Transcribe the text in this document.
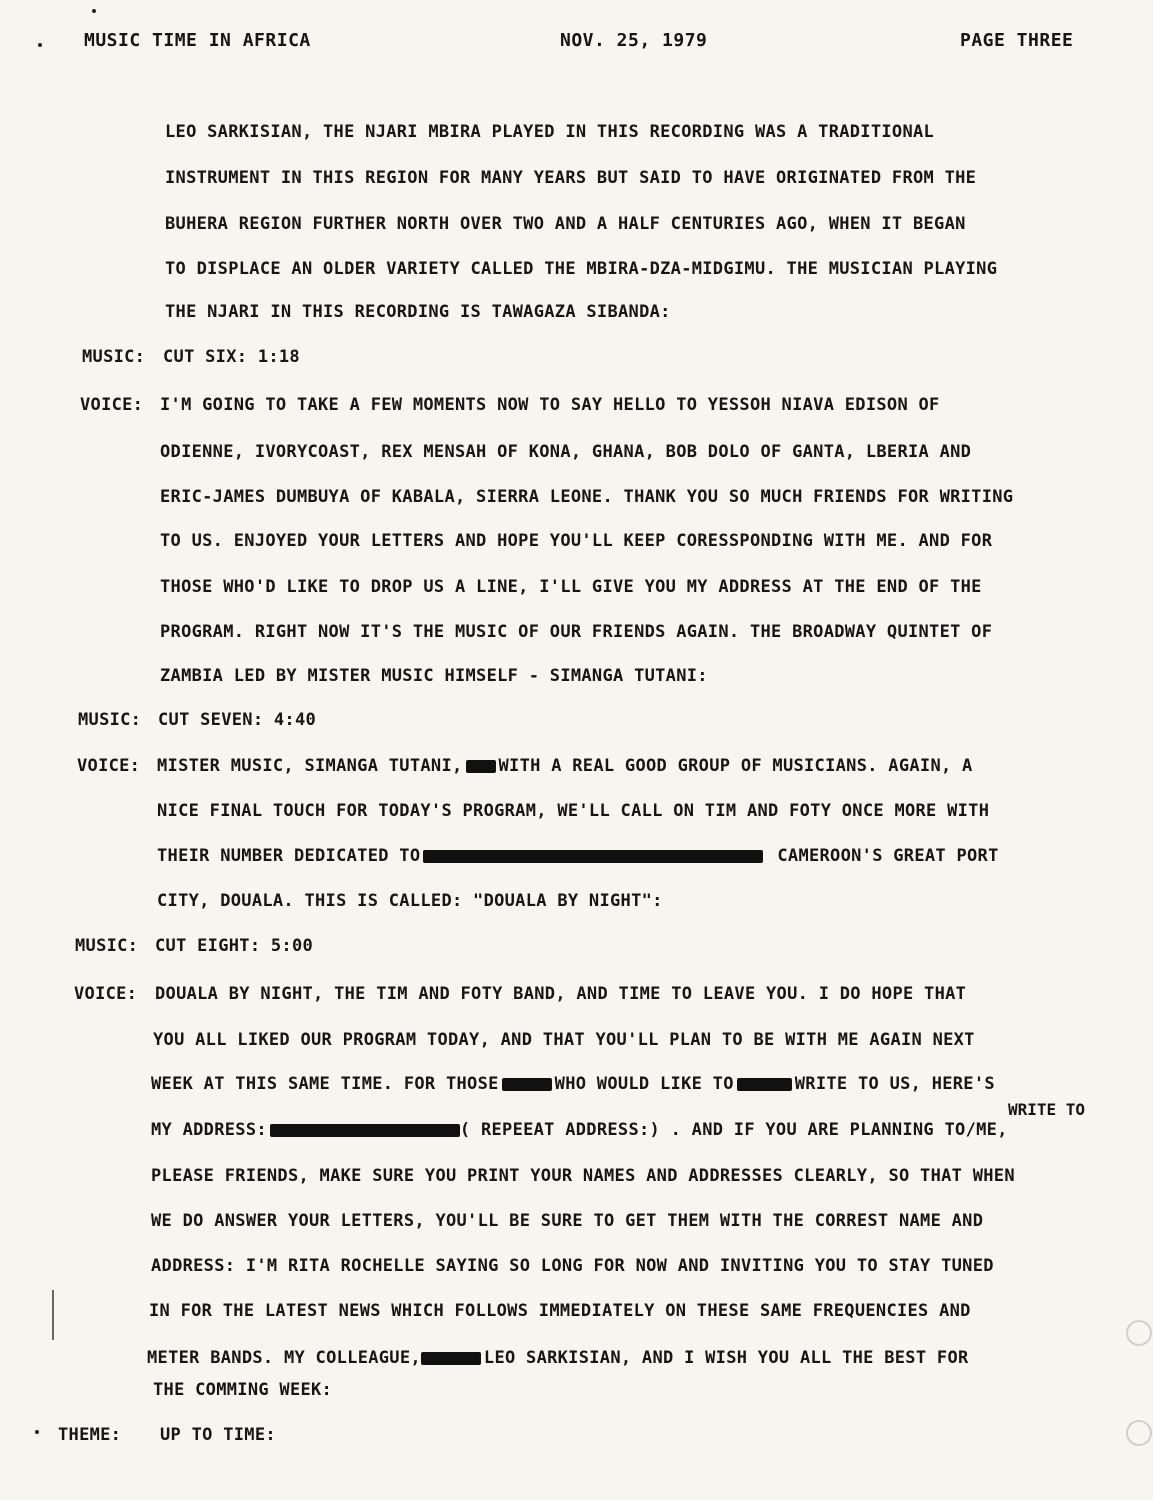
MUSIC TIME IN AFRICA	NOV. 25, 1979	PAGE THREE
LEO SARKISIAN, THE NJARI MBIRA PLAYED IN THIS RECORDING WAS A TRADITIONAL
INSTRUMENT IN THIS REGION FOR MANY YEARS BUT SAID TO HAVE ORIGINATED FROM THE
BUHERA REGION FURTHER NORTH OVER TWO AND A HALF CENTURIES AGO, WHEN IT BEGAN
TO DISPLACE AN OLDER VARIETY CALLED THE MBIRA-DZA-MIDGIMU. THE MUSICIAN PLAYING
THE NJARI IN THIS RECORDING IS TAWAGAZA SIBANDA:
MUSIC: CUT SIX: 1:18
VOICE: I'M GOING TO TAKE A FEW MOMENTS NOW TO SAY HELLO TO YESSOH NIAVA EDISON OF
ODIENNE, IVORYCOAST, REX MENSAH OF KONA, GHANA, BOB DOLO OF GANTA, LBERIA AND
ERIC-JAMES DUMBUYA OF KABALA, SIERRA LEONE. THANK YOU SO MUCH FRIENDS FOR WRITING
TO US. ENJOYED YOUR LETTERS AND HOPE YOU'LL KEEP CORESSPONDING WITH ME. AND FOR
THOSE WHO'D LIKE TO DROP US A LINE, I'LL GIVE YOU MY ADDRESS AT THE END OF THE
PROGRAM. RIGHT NOW IT'S THE MUSIC OF OUR FRIENDS AGAIN. THE BROADWAY QUINTET OF
ZAMBIA LED BY MISTER MUSIC HIMSELF - SIMANGA TUTANI:
MUSIC: CUT SEVEN: 4:40
VOICE: MISTER MUSIC, SIMANGA TUTANI, WITH A REAL GOOD GROUP OF MUSICIANS. AGAIN, A
NICE FINAL TOUCH FOR TODAY'S PROGRAM, WE'LL CALL ON TIM AND FOTY ONCE MORE WITH
THEIR NUMBER DEDICATED TO	CAMEROON'S GREAT PORT
CITY, DOUALA. THIS IS CALLED: "DOUALA BY NIGHT":
MUSIC: CUT EIGHT: 5:00
VOICE: DOUALA BY NIGHT, THE TIM AND FOTY BAND, AND TIME TO LEAVE YOU. I DO HOPE THAT
YOU ALL LIKED OUR PROGRAM TODAY, AND THAT YOU'LL PLAN TO BE WITH ME AGAIN NEXT
WEEK AT THIS SAME TIME. FOR THOSE	WHO WOULD LIKE TO	WRITE TO US, HERE'S
WRITE TO
MY ADDRESS:	( REPEEAT ADDRESS:) . AND IF YOU ARE PLANNING TO/ME,
PLEASE FRIENDS, MAKE SURE YOU PRINT YOUR NAMES AND ADDRESSES CLEARLY, SO THAT WHEN
WE DO ANSWER YOUR LETTERS, YOU'LL BE SURE TO GET THEM WITH THE CORREST NAME AND
ADDRESS: I'M RITA ROCHELLE SAYING SO LONG FOR NOW AND INVITING YOU TO STAY TUNED
IN FOR THE LATEST NEWS WHICH FOLLOWS IMMEDIATELY ON THESE SAME FREQUENCIES AND
METER BANDS. MY COLLEAGUE,	LEO SARKISIAN, AND I WISH YOU ALL THE BEST FOR
THE COMMING WEEK:
THEME: UP TO TIME:
